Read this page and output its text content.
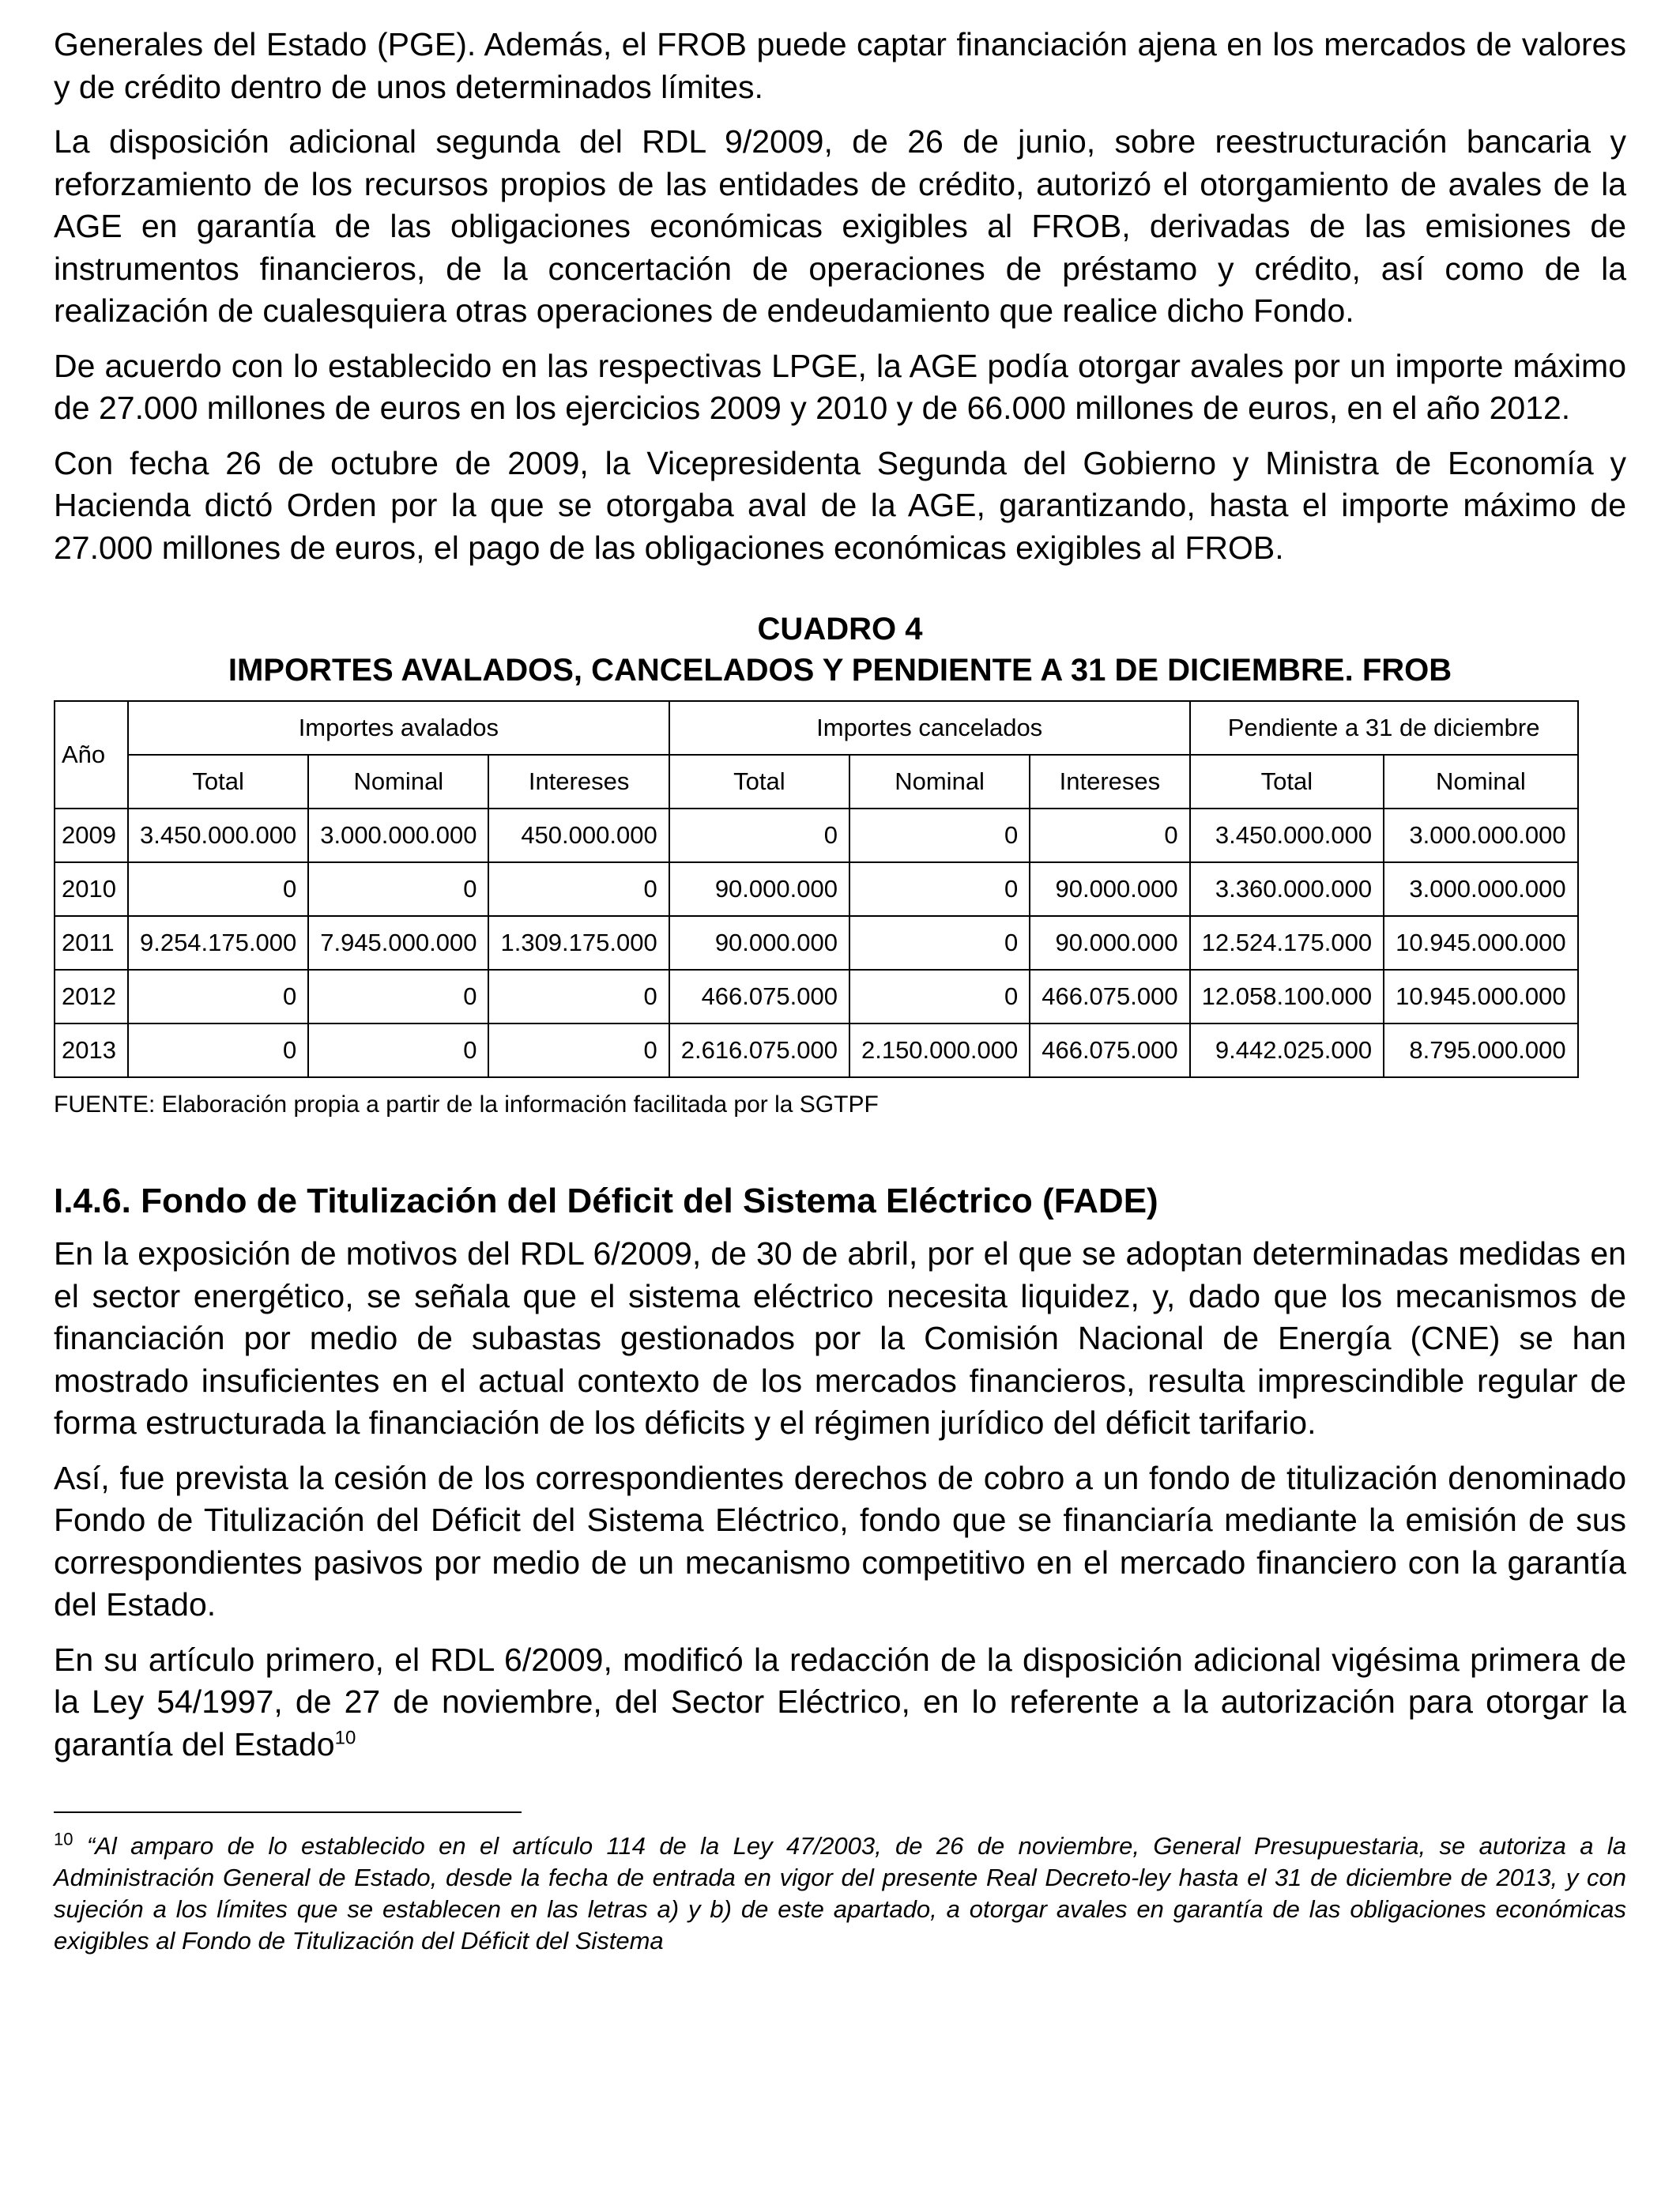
Generales del Estado (PGE). Además, el FROB puede captar financiación ajena en los mercados de valores y de crédito dentro de unos determinados límites.

La disposición adicional segunda del RDL 9/2009, de 26 de junio, sobre reestructuración bancaria y reforzamiento de los recursos propios de las entidades de crédito, autorizó el otorgamiento de avales de la AGE en garantía de las obligaciones económicas exigibles al FROB, derivadas de las emisiones de instrumentos financieros, de la concertación de operaciones de préstamo y crédito, así como de la realización de cualesquiera otras operaciones de endeudamiento que realice dicho Fondo.

De acuerdo con lo establecido en las respectivas LPGE, la AGE podía otorgar avales por un importe máximo de 27.000 millones de euros en los ejercicios 2009 y 2010 y de 66.000 millones de euros, en el año 2012.

Con fecha 26 de octubre de 2009, la Vicepresidenta Segunda del Gobierno y Ministra de Economía y Hacienda dictó Orden por la que se otorgaba aval de la AGE, garantizando, hasta el importe máximo de 27.000 millones de euros, el pago de las obligaciones económicas exigibles al FROB.

CUADRO 4
IMPORTES AVALADOS, CANCELADOS Y PENDIENTE A 31 DE DICIEMBRE. FROB
Año	Importes avalados			Importes cancelados			Pendiente a 31 de diciembre	
	Total	Nominal	Intereses	Total	Nominal	Intereses	Total	Nominal
2009	3.450.000.000	3.000.000.000	450.000.000	0	0	0	3.450.000.000	3.000.000.000
2010	0	0	0	90.000.000	0	90.000.000	3.360.000.000	3.000.000.000
2011	9.254.175.000	7.945.000.000	1.309.175.000	90.000.000	0	90.000.000	12.524.175.000	10.945.000.000
2012	0	0	0	466.075.000	0	466.075.000	12.058.100.000	10.945.000.000
2013	0	0	0	2.616.075.000	2.150.000.000	466.075.000	9.442.025.000	8.795.000.000
FUENTE: Elaboración propia a partir de la información facilitada por la SGTPF
I.4.6. Fondo de Titulización del Déficit del Sistema Eléctrico (FADE)

En la exposición de motivos del RDL 6/2009, de 30 de abril, por el que se adoptan determinadas medidas en el sector energético, se señala que el sistema eléctrico necesita liquidez, y, dado que los mecanismos de financiación por medio de subastas gestionados por la Comisión Nacional de Energía (CNE) se han mostrado insuficientes en el actual contexto de los mercados financieros, resulta imprescindible regular de forma estructurada la financiación de los déficits y el régimen jurídico del déficit tarifario.

Así, fue prevista la cesión de los correspondientes derechos de cobro a un fondo de titulización denominado Fondo de Titulización del Déficit del Sistema Eléctrico, fondo que se financiaría mediante la emisión de sus correspondientes pasivos por medio de un mecanismo competitivo en el mercado financiero con la garantía del Estado.

En su artículo primero, el RDL 6/2009, modificó la redacción de la disposición adicional vigésima primera de la Ley 54/1997, de 27 de noviembre, del Sector Eléctrico, en lo referente a la autorización para otorgar la garantía del Estado$^{10}$

$^{10}$ “Al amparo de lo establecido en el artículo 114 de la Ley 47/2003, de 26 de noviembre, General Presupuestaria, se autoriza a la Administración General de Estado, desde la fecha de entrada en vigor del presente Real Decreto-ley hasta el 31 de diciembre de 2013, y con sujeción a los límites que se establecen en las letras a) y b) de este apartado, a otorgar avales en garantía de las obligaciones económicas exigibles al Fondo de Titulización del Déficit del Sistema
